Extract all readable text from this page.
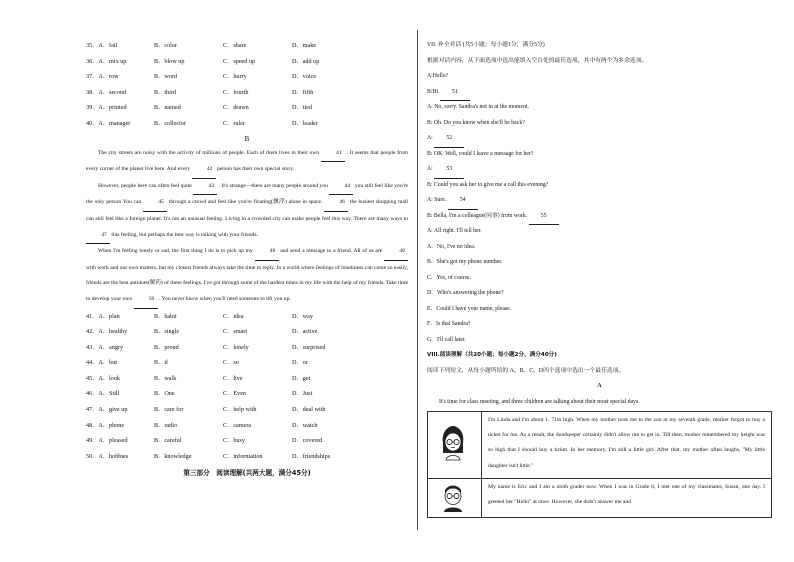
35．A．fail	B．color	C．share	D．make
36．A．mix up	B．blow up	C．speed up	D．add up
37．A．row	B．word	C．hurry	D．voice
38．A．second	B．third	C．fourth	D．fifth
39．A．printed	B．named	C．drawn	D．tied
40．A．manager	B．collector	C．ruler	D．leader
B

The city streets are noisy with the activity of millions of people. Each of them lives in their own	41  . It seems that people from every corner of the planet live here. And every	42  person has their own special story.

However, people here can often feel quite	43  . It's strange—there are many people around you	44  you still feel like you're the only person You can	45  through a crowd and feel like you're floating(飘浮) alone in space.	46  the busiest shopping mall can still feel like a foreign planet. It's not an unusual feeling. Living in a crowded city can make people feel this way. There are many ways to  47  this feeling, but perhaps the best way is talking with your friends.

When I'm feeling lonely or sad, the first thing I do is to pick up my	48  and send a message to a friend. All of us are	49  with work and our own matters, but my closest friends always take the time to reply. In a world where feelings of loneliness can come so easily, friends are the best antidote(解药) of these feelings. I've got through some of the hardest times in my life with the help of my friends. Take time to develop your own	50  . You never know when you'll need someone to lift you up.

41．A．plan	B．habit	C．idea	D．way
42．A．healthy	B．single	C．smart	D．active
43．A．angry	B．proud	C．lonely	D．surprised
44．A．but	B．if	C．so	D．or
45．A．look	B．walk	C．live	D．get
46．A．Still	B．One	C．Even	D．Just
47．A．give up	B．care for	C．help with	D．deal with
48．A．phone	B．radio	C．camera	D．watch
49．A．pleased	B．careful	C．busy	D．covered
50．A．hobbies	B．knowledge	C．information	D．friendships
第三部分　阅读理解(共两大题，满分45分)
VII. 补全对话 (共5小题；每小题1分，满分5分)
根据对话内容，从下面选项中选出能填入空白处的最佳选项，其中有两个为多余选项。
A:Hello?
B:Hi 51
A: No, sorry. Sandra's not in at the moment.
B: Oh. Do you know when she'll be back?
A: 52
B: OK. Well, could I leave a message for her?
A: 53
B: Could you ask her to give me a call this evening?
A: Sure. 54
B: Bella, I'm a colleague(同事) from work. 55
A: All right. I'll tell her.
A．No, I've no idea.
B．She's got my phone number.
C．Yes, of course.
D．Who's answering the phone?
E．Could I have your name, please.
F．Is that Sandra?
G．I'll call later.
VIII.阅读理解（共20小题；每小题2分，满分40分)
阅读下列短文，从每小题所给的 A、B、C、D四个选项中选出一个最佳选项。
A
It's time for class meeting, and three children are talking about their most special days.
	I'm Linda and I'm about 1. 71m high. When my mother took me to the zoo at my seventh grade, mother forgot to buy a ticket for me. As a result, the doorkeeper certainly didn't allow me to get in. Till then, mother remembered my height was so high that I should buy a ticket. In her memory, I'm still a little girl. After that, my mother often laughs, "My little daughter isn't little."

	My name is Eric and I am a ninth grader now. When I was in Grade 8, I met one of my classmates, Susan, one day. I greeted her "Hello" at once. However, she didn't answer me and
